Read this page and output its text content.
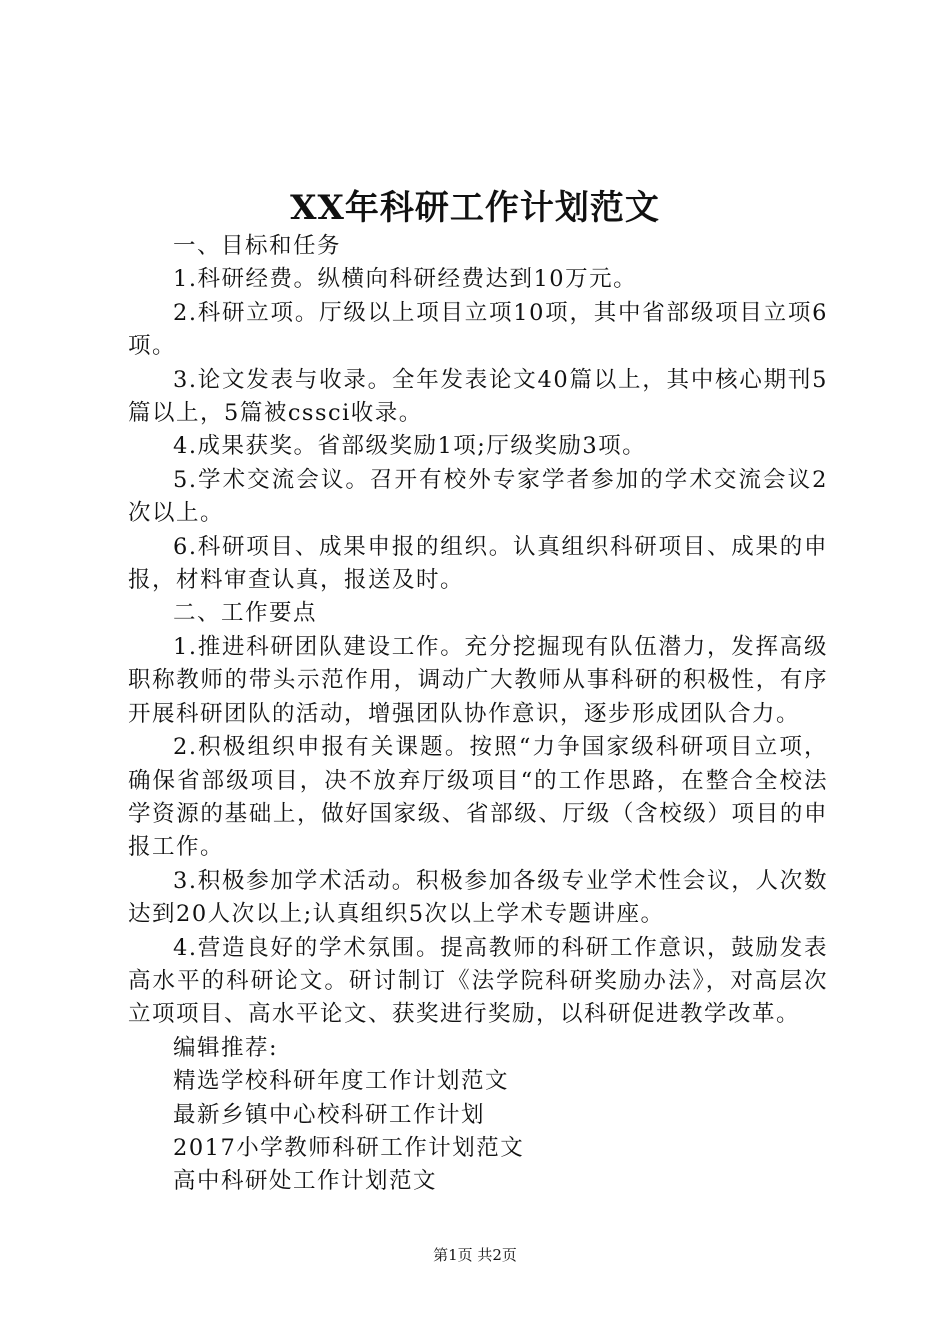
XX年科研工作计划范文

一、目标和任务

1.科研经费。纵横向科研经费达到10万元。

2.科研立项。厅级以上项目立项10项，其中省部级项目立项6项。

3.论文发表与收录。全年发表论文40篇以上，其中核心期刊5篇以上，5篇被cssci收录。

4.成果获奖。省部级奖励1项;厅级奖励3项。

5.学术交流会议。召开有校外专家学者参加的学术交流会议2次以上。

6.科研项目、成果申报的组织。认真组织科研项目、成果的申报，材料审查认真，报送及时。

二、工作要点

1.推进科研团队建设工作。充分挖掘现有队伍潜力，发挥高级职称教师的带头示范作用，调动广大教师从事科研的积极性，有序开展科研团队的活动，增强团队协作意识，逐步形成团队合力。

2.积极组织申报有关课题。按照“力争国家级科研项目立项，确保省部级项目，决不放弃厅级项目“的工作思路，在整合全校法学资源的基础上，做好国家级、省部级、厅级（含校级）项目的申报工作。

3.积极参加学术活动。积极参加各级专业学术性会议，人次数达到20人次以上;认真组织5次以上学术专题讲座。

4.营造良好的学术氛围。提高教师的科研工作意识，鼓励发表高水平的科研论文。研讨制订《法学院科研奖励办法》，对高层次立项项目、高水平论文、获奖进行奖励，以科研促进教学改革。

编辑推荐:

精选学校科研年度工作计划范文

最新乡镇中心校科研工作计划

2017小学教师科研工作计划范文

高中科研处工作计划范文

第1页 共2页
